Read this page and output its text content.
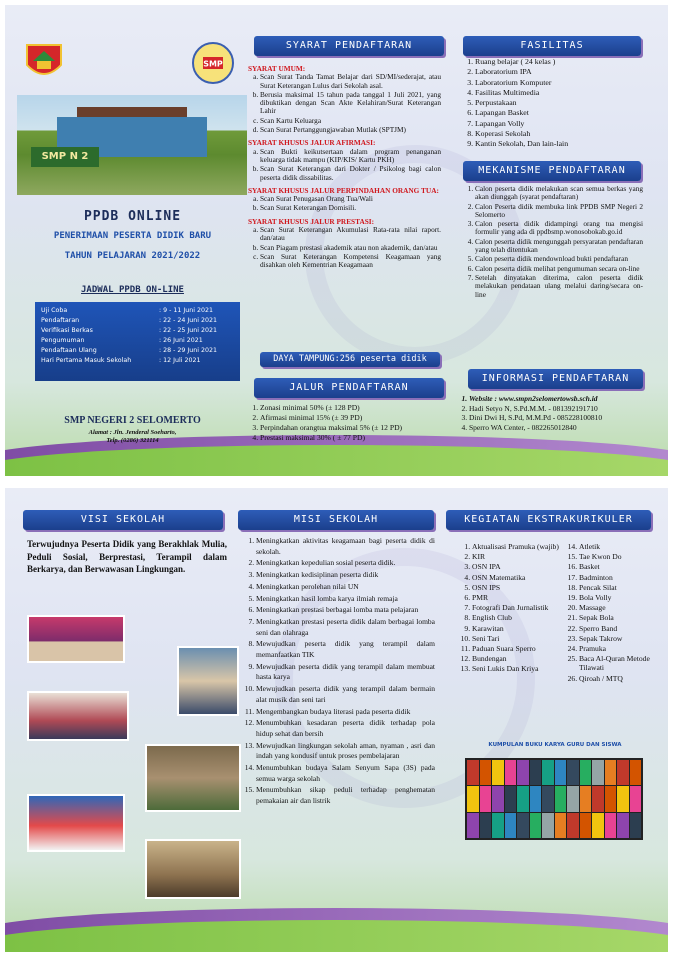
SMP
SMP N 2
PPDB ONLINE
PENERIMAAN PESERTA DIDIK BARU
TAHUN PELAJARAN 2021/2022
JADWAL PPDB ON-LINE
Uji Coba	: 9 - 11 Juni 2021
Pendaftaran	: 22 - 24 Juni 2021
Verifikasi Berkas	: 22 - 25 Juni 2021
Pengumuman	: 26 Juni 2021
Pendaftaan Ulang	: 28 - 29 Juni 2021
Hari Pertama Masuk Sekolah	: 12 Juli 2021
SMP NEGERI 2 SELOMERTO
Alamat : Jln. Jenderal Soeharto,
Telp. (0286) 321114
SYARAT PENDAFTARAN
SYARAT UMUM:
a. Scan Surat Tanda Tamat Belajar dari SD/MI/sederajat, atau Surat Keterangan Lulus dari Sekolah asal.
b. Berusia maksimal 15 tahun pada tanggal 1 Juli 2021, yang dibuktikan dengan Scan Akte Kelahiran/Surat Keterangan Lahir
c. Scan Kartu Keluarga
d. Scan Surat Pertanggungjawaban Mutlak (SPTJM)
SYARAT KHUSUS JALUR AFIRMASI:
a. Scan Bukti keikutsertaan dalam program penanganan keluarga tidak mampu (KIP/KIS/ Kartu PKH)
b. Scan Surat Keterangan dari Dokter / Psikolog bagi calon peserta didik dissabilitas.
SYARAT KHUSUS JALUR PERPINDAHAN ORANG TUA:
a. Scan Surat Penugasan Orang Tua/Wali
b. Scan Surat Keterangan Domisili.
SYARAT KHUSUS JALUR PRESTASI:
a. Scan Surat Keterangan Akumulasi Rata-rata nilai raport. dan/atau
b. Scan Piagam prestasi akademik atau non akademik, dan/atau
c. Scan Surat Keterangan Kompetensi Keagamaan yang disahkan oleh Kementrian Keagamaan
DAYA TAMPUNG:256 peserta didik
JALUR PENDAFTARAN
1. Zonasi minimal 50% (± 128 PD)
2. Afirmasi minimal 15% (± 39 PD)
3. Perpindahan orangtua maksimal 5% (± 12 PD)
4. Prestasi maksimal 30% ( ± 77 PD)
FASILITAS
1. Ruang belajar ( 24 kelas )
2. Laboratorium IPA
3. Laboratorium Komputer
4. Fasilitas Multimedia
5. Perpustakaan
6. Lapangan Basket
7. Lapangan Volly
8. Koperasi Sekolah
9. Kantin Sekolah, Dan lain-lain
MEKANISME PENDAFTARAN
1. Calon peserta didik melakukan scan semua berkas yang akan diunggah (syarat pendaftaran)
2. Calon Peserta didik membuka link PPDB SMP Negeri 2 Selomerto
3. Calon peserta didik didampingi orang tua mengisi formulir yang ada di ppdbsmp.wonosobokab.go.id
4. Calon peserta didik mengunggah persyaratan pendaftaran yang telah ditentukan
5. Calon peserta didik mendownload bukti pendaftaran
6. Calon peserta didik melihat pengumuman secara on-line
7. Setelah dinyatakan diterima, calon peserta didik melakukan pendataan ulang melalui daring/secara on-line
INFORMASI PENDAFTARAN
1. Website : www.smpn2selomertowsb.sch.id
2. Hadi Setyo N, S.Pd.M.M. - 081392191710
3. Dini Dwi H, S.Pd, M.M.Pd - 085228100810
4. Sperro WA Center, - 082265012840
VISI SEKOLAH
Terwujudnya Peserta Didik yang Berakhlak Mulia, Peduli Sosial, Berprestasi, Terampil dalam Berkarya, dan Berwawasan Lingkungan.
MISI SEKOLAH
1. Meningkatkan aktivitas keagamaan bagi peserta didik di sekolah.
2. Meningkatkan kepedulian sosial peserta didik.
3. Meningkatkan kedisiplinan peserta didik
4. Meningkatkan perolehan nilai UN
5. Meningkatkan hasil lomba karya ilmiah remaja
6. Meningkatkan prestasi berbagai lomba mata pelajaran
7. Meningkatkan prestasi peserta didik dalam berbagai lomba seni dan olahraga
8. Mewujudkan peserta didik yang terampil dalam memanfaatkan TIK
9. Mewujudkan peserta didik yang terampil dalam membuat hasta karya
10. Mewujudkan peserta didik yang terampil dalam bermain alat musik dan seni tari
11. Mengembangkan budaya literasi pada peserta didik
12. Menumbuhkan kesadaran peserta didik terhadap pola hidup sehat dan bersih
13. Mewujudkan lingkungan sekolah aman, nyaman , asri dan indah yang kondusif untuk proses pembelajaran
14. Menumbuhkan budaya Salam Senyum Sapa (3S) pada semua warga sekolah
15. Menumbuhkan sikap peduli terhadap penghematan pemakaian air dan listrik
KEGIATAN EKSTRAKURIKULER
1. Aktualisasi Pramuka (wajib)
2. KIR
3. OSN IPA
4. OSN Matematika
5. OSN IPS
6. PMR
7. Fotografi Dan Jurnalistik
8. English Club
9. Karawitan
10. Seni Tari
11. Paduan Suara Sperro
12. Bundengan
13. Seni Lukis Dan Kriya
14. Atletik
15. Tae Kwon Do
16. Basket
17. Badminton
18. Pencak Silat
19. Bola Volly
20. Massage
21. Sepak Bola
22. Sperro Band
23. Sepak Takrow
24. Pramuka
25. Baca Al-Quran Metode Tilawati
26. Qiroah / MTQ
KUMPULAN BUKU KARYA GURU DAN SISWA
